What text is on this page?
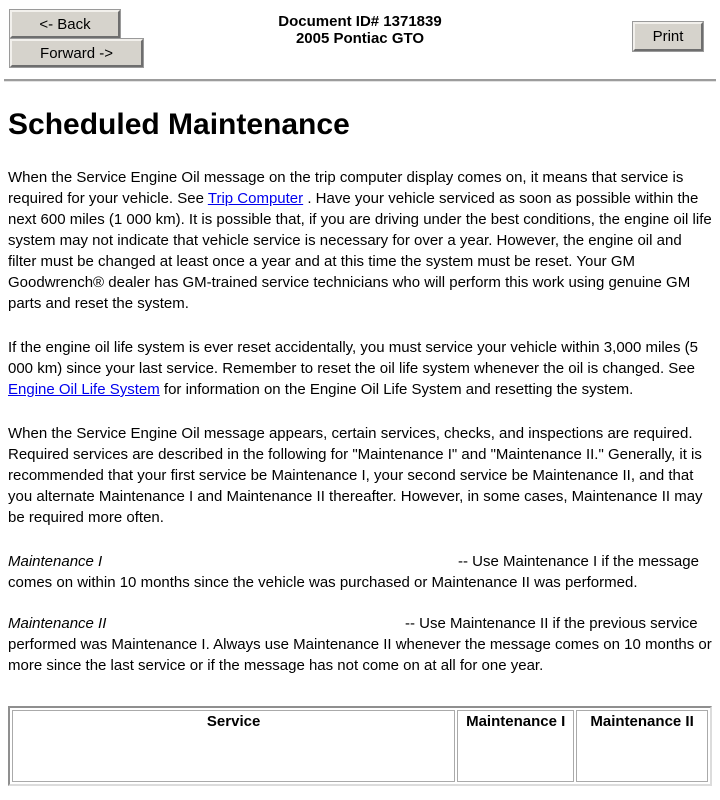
<- Back
Forward ->
Document ID# 1371839
2005 Pontiac GTO	Print
Scheduled Maintenance

When the Service Engine Oil message on the trip computer display comes on, it means that service is required for your vehicle. See Trip Computer . Have your vehicle serviced as soon as possible within the next 600 miles (1 000 km). It is possible that, if you are driving under the best conditions, the engine oil life system may not indicate that vehicle service is necessary for over a year. However, the engine oil and filter must be changed at least once a year and at this time the system must be reset. Your GM Goodwrench® dealer has GM-trained service technicians who will perform this work using genuine GM parts and reset the system.

If the engine oil life system is ever reset accidentally, you must service your vehicle within 3,000 miles (5 000 km) since your last service. Remember to reset the oil life system whenever the oil is changed. See Engine Oil Life System for information on the Engine Oil Life System and resetting the system.

When the Service Engine Oil message appears, certain services, checks, and inspections are required. Required services are described in the following for "Maintenance I" and "Maintenance II." Generally, it is recommended that your first service be Maintenance I, your second service be Maintenance II, and that you alternate Maintenance I and Maintenance II thereafter. However, in some cases, Maintenance II may be required more often.

Maintenance I	-- Use Maintenance I if the message comes on within 10 months since the vehicle was purchased or Maintenance II was performed.
Maintenance II	-- Use Maintenance II if the previous service performed was Maintenance I. Always use Maintenance II whenever the message comes on 10 months or more since the last service or if the message has not come on at all for one year.
Service	Maintenance I	Maintenance II
